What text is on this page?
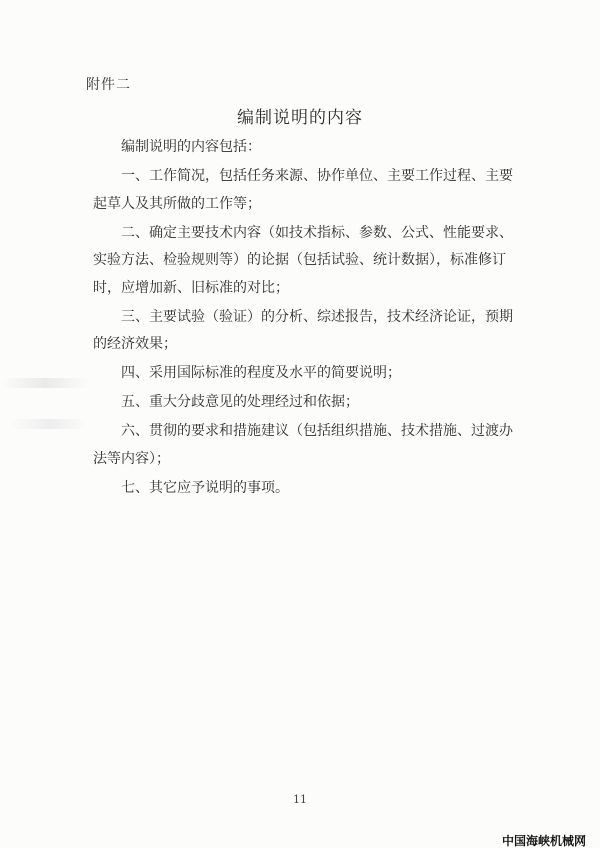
附件二
编制说明的内容

编制说明的内容包括：

一、工作简况，包括任务来源、协作单位、主要工作过程、主要
起草人及其所做的工作等；

二、确定主要技术内容（如技术指标、参数、公式、性能要求、
实验方法、检验规则等）的论据（包括试验、统计数据），标准修订
时，应增加新、旧标准的对比；

三、主要试验（验证）的分析、综述报告，技术经济论证，预期
的经济效果；

四、采用国际标准的程度及水平的简要说明；

五、重大分歧意见的处理经过和依据；

六、贯彻的要求和措施建议（包括组织措施、技术措施、过渡办
法等内容）；

七、其它应予说明的事项。

11
中国海峡机械网
